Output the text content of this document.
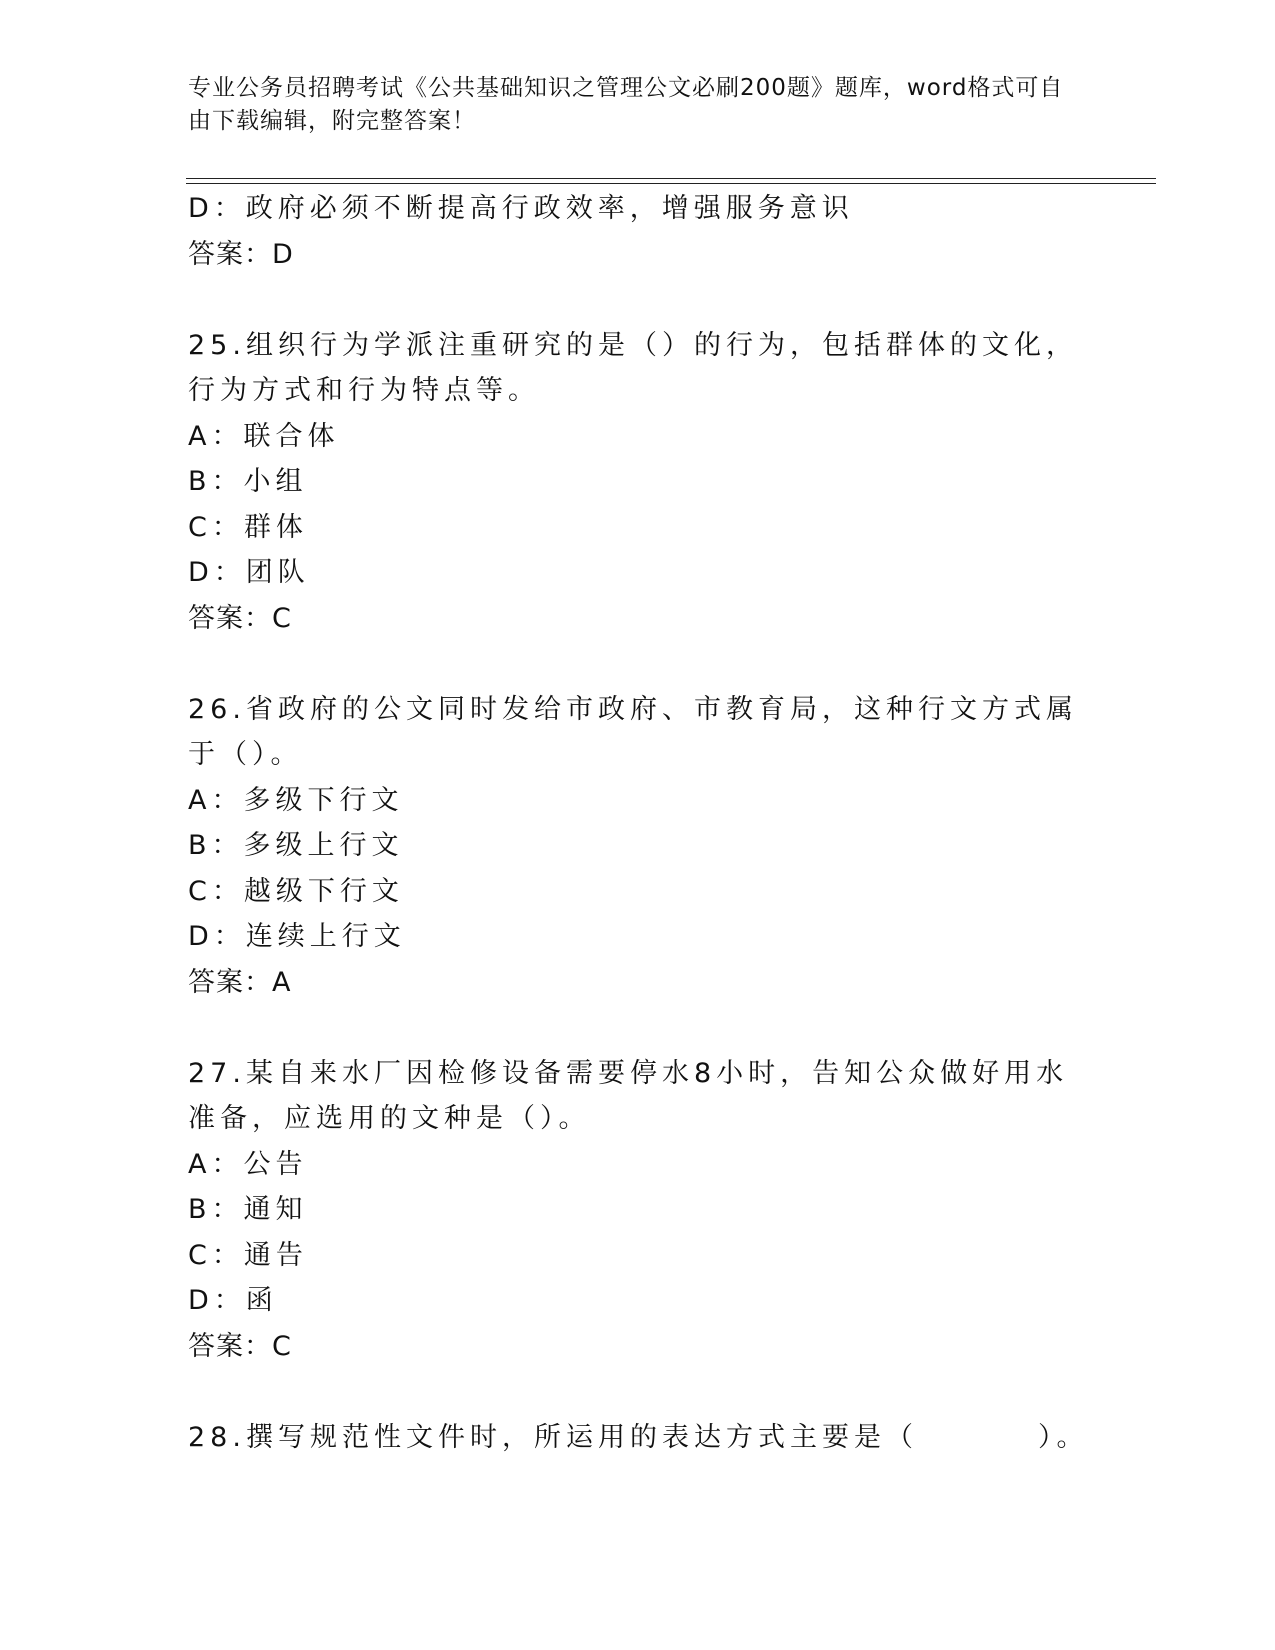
专业公务员招聘考试《公共基础知识之管理公文必刷200题》题库，word格式可自由下载编辑，附完整答案！
D：政府必须不断提高行政效率，增强服务意识
答案：D
25.组织行为学派注重研究的是（）的行为，包括群体的文化，行为方式和行为特点等。
A：联合体
B：小组
C：群体
D：团队
答案：C
26.省政府的公文同时发给市政府、市教育局，这种行文方式属于（）。
A：多级下行文
B：多级上行文
C：越级下行文
D：连续上行文
答案：A
27.某自来水厂因检修设备需要停水8小时，告知公众做好用水准备，应选用的文种是（）。
A：公告
B：通知
C：通告
D：函
答案：C
28.撰写规范性文件时，所运用的表达方式主要是（	）。
